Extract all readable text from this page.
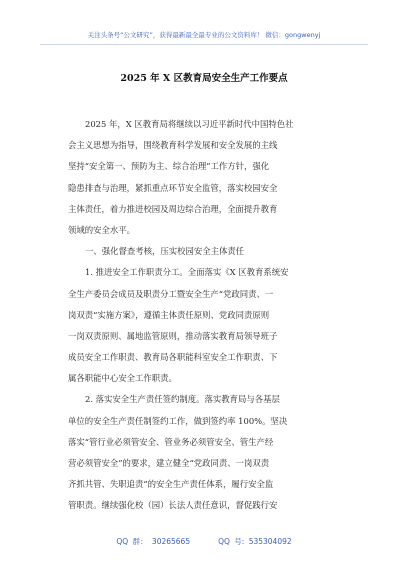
关注头条号“公文研究”，获得最新最全最专业的公文资料库！ 微信：gongwenyj
2025 年 X 区教育局安全生产工作要点
2025 年，X 区教育局将继续以习近平新时代中国特色社
会主义思想为指导，围绕教育科学发展和安全发展的主线
坚持“安全第一、预防为主、综合治理”工作方针，强化
隐患排查与治理，紧抓重点环节安全监管，落实校园安全
主体责任，着力推进校园及周边综合治理，全面提升教育
领域的安全水平。
一、强化督查考核，压实校园安全主体责任
1. 推进安全工作职责分工。全面落实《X 区教育系统安
全生产委员会成员及职责分工暨安全生产“党政同责、一
岗双责”实施方案》，遵循主体责任原则、党政同责原则
一岗双责原则、属地监管原则，推动落实教育局领导班子
成员安全工作职责、教育局各职能科室安全工作职责、下
属各职能中心安全工作职责。
2. 落实安全生产责任签约制度。落实教育局与各基层
单位的安全生产责任制签约工作，做到签约率 100%。坚决
落实“管行业必须管安全、管业务必须管安全、管生产经
营必须管安全”的要求，建立健全“党政同责、一岗双责
齐抓共管、失职追责”的安全生产责任体系，履行安全监
管职责。继续强化校（园）长法人责任意识，督促践行安
QQ 群： 30265665	QQ 号: 535304092
